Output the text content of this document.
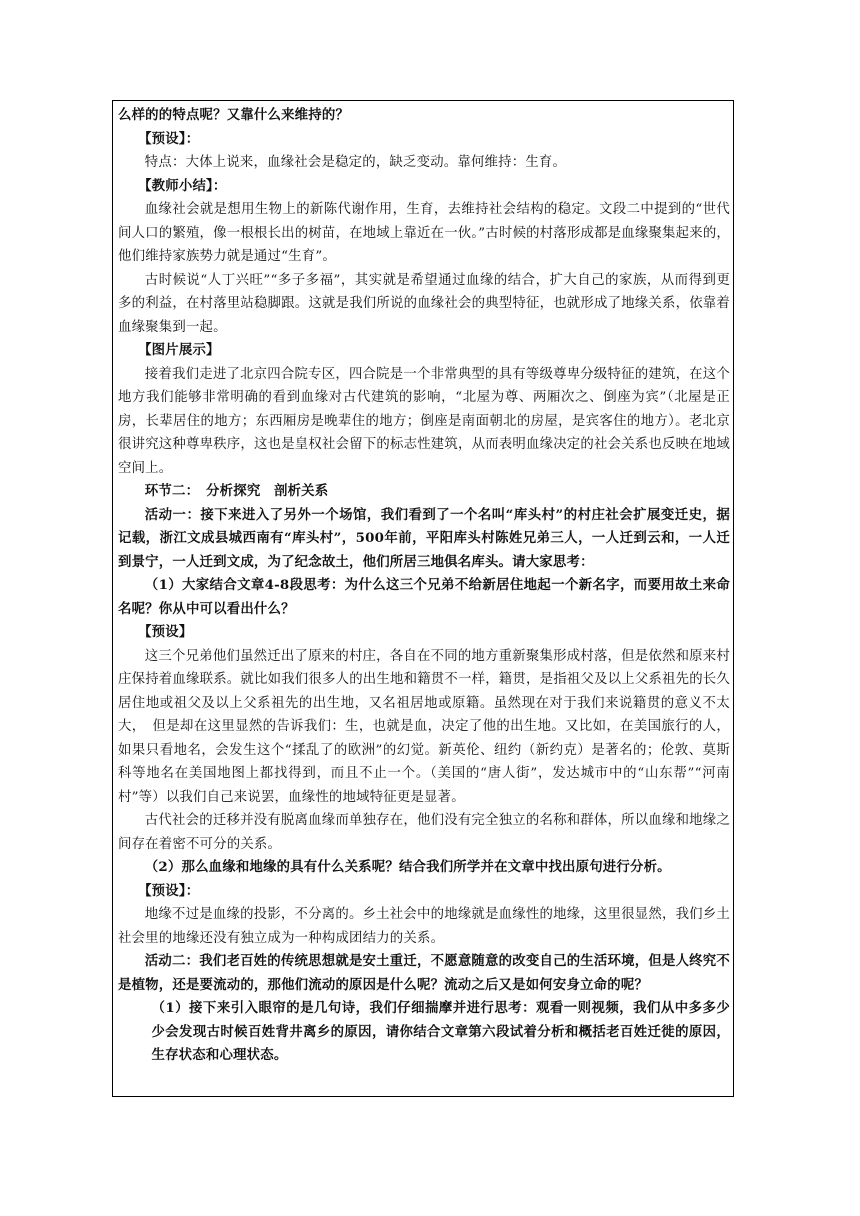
么样的的特点呢？又靠什么来维持的？

【预设】：

特点：大体上说来，血缘社会是稳定的，缺乏变动。靠何维持：生育。

【教师小结】：

血缘社会就是想用生物上的新陈代谢作用，生育，去维持社会结构的稳定。文段二中提到的“世代间人口的繁殖，像一根根长出的树苗，在地域上靠近在一伙。”古时候的村落形成都是血缘聚集起来的，他们维持家族势力就是通过“生育”。

古时候说“人丁兴旺”“多子多福”，其实就是希望通过血缘的结合，扩大自己的家族，从而得到更多的利益，在村落里站稳脚跟。这就是我们所说的血缘社会的典型特征，也就形成了地缘关系，依靠着血缘聚集到一起。

【图片展示】

接着我们走进了北京四合院专区，四合院是一个非常典型的具有等级尊卑分级特征的建筑，在这个地方我们能够非常明确的看到血缘对古代建筑的影响，“北屋为尊、两厢次之、倒座为宾”（北屋是正房，长辈居住的地方；东西厢房是晚辈住的地方；倒座是南面朝北的房屋，是宾客住的地方）。老北京很讲究这种尊卑秩序，这也是皇权社会留下的标志性建筑，从而表明血缘决定的社会关系也反映在地域空间上。

环节二：　分析探究　剖析关系

活动一：接下来进入了另外一个场馆，我们看到了一个名叫“库头村”的村庄社会扩展变迁史，据记载，浙江文成县城西南有“库头村”，500年前，平阳库头村陈姓兄弟三人，一人迁到云和，一人迁到景宁，一人迁到文成，为了纪念故土，他们所居三地俱名库头。请大家思考：

（1）大家结合文章4-8段思考：为什么这三个兄弟不给新居住地起一个新名字，而要用故土来命名呢？你从中可以看出什么？

【预设】

这三个兄弟他们虽然迁出了原来的村庄，各自在不同的地方重新聚集形成村落，但是依然和原来村庄保持着血缘联系。就比如我们很多人的出生地和籍贯不一样，籍贯，是指祖父及以上父系祖先的长久居住地或祖父及以上父系祖先的出生地，又名祖居地或原籍。虽然现在对于我们来说籍贯的意义不太大，　但是却在这里显然的告诉我们：生，也就是血，决定了他的出生地。又比如，在美国旅行的人，如果只看地名，会发生这个“揉乱了的欧洲”的幻觉。新英伦、纽约（新约克）是著名的；伦敦、莫斯科等地名在美国地图上都找得到，而且不止一个。（美国的“唐人街”，发达城市中的“山东帮”“河南村”等）以我们自己来说罢，血缘性的地域特征更是显著。

古代社会的迁移并没有脱离血缘而单独存在，他们没有完全独立的名称和群体，所以血缘和地缘之间存在着密不可分的关系。

（2）那么血缘和地缘的具有什么关系呢？结合我们所学并在文章中找出原句进行分析。

【预设】：

地缘不过是血缘的投影，不分离的。乡土社会中的地缘就是血缘性的地缘，这里很显然，我们乡土社会里的地缘还没有独立成为一种构成团结力的关系。

活动二：我们老百姓的传统思想就是安土重迁，不愿意随意的改变自己的生活环境，但是人终究不是植物，还是要流动的，那他们流动的原因是什么呢？流动之后又是如何安身立命的呢？

（1）接下来引入眼帘的是几句诗，我们仔细揣摩并进行思考：观看一则视频，我们从中多多少少会发现古时候百姓背井离乡的原因，请你结合文章第六段试着分析和概括老百姓迁徙的原因，生存状态和心理状态。
